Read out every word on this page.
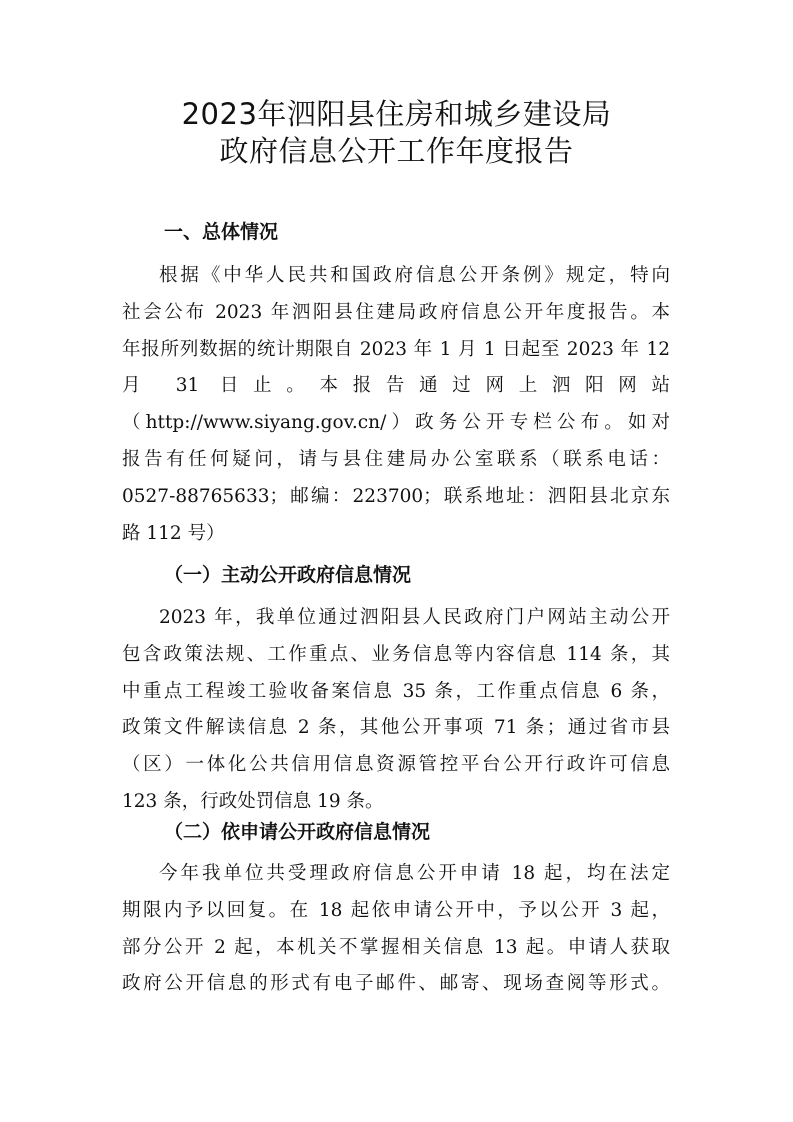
2023年泗阳县住房和城乡建设局
政府信息公开工作年度报告
一、总体情况
根据《中华人民共和国政府信息公开条例》规定，特向
社会公布 2023 年泗阳县住建局政府信息公开年度报告。本
年报所列数据的统计期限自 2023 年 1 月 1 日起至 2023 年 12
月 31 日止。本报告通过网上泗阳网站
（http://www.siyang.gov.cn/）政务公开专栏公布。如对
报告有任何疑问，请与县住建局办公室联系（联系电话：
0527-88765633；邮编：223700；联系地址：泗阳县北京东
路 112 号）
（一）主动公开政府信息情况
2023 年，我单位通过泗阳县人民政府门户网站主动公开
包含政策法规、工作重点、业务信息等内容信息 114 条，其
中重点工程竣工验收备案信息 35 条，工作重点信息 6 条，
政策文件解读信息 2 条，其他公开事项 71 条；通过省市县
（区）一体化公共信用信息资源管控平台公开行政许可信息
123 条，行政处罚信息 19 条。
（二）依申请公开政府信息情况
今年我单位共受理政府信息公开申请 18 起，均在法定
期限内予以回复。在 18 起依申请公开中，予以公开 3 起，
部分公开 2 起，本机关不掌握相关信息 13 起。申请人获取
政府公开信息的形式有电子邮件、邮寄、现场查阅等形式。
